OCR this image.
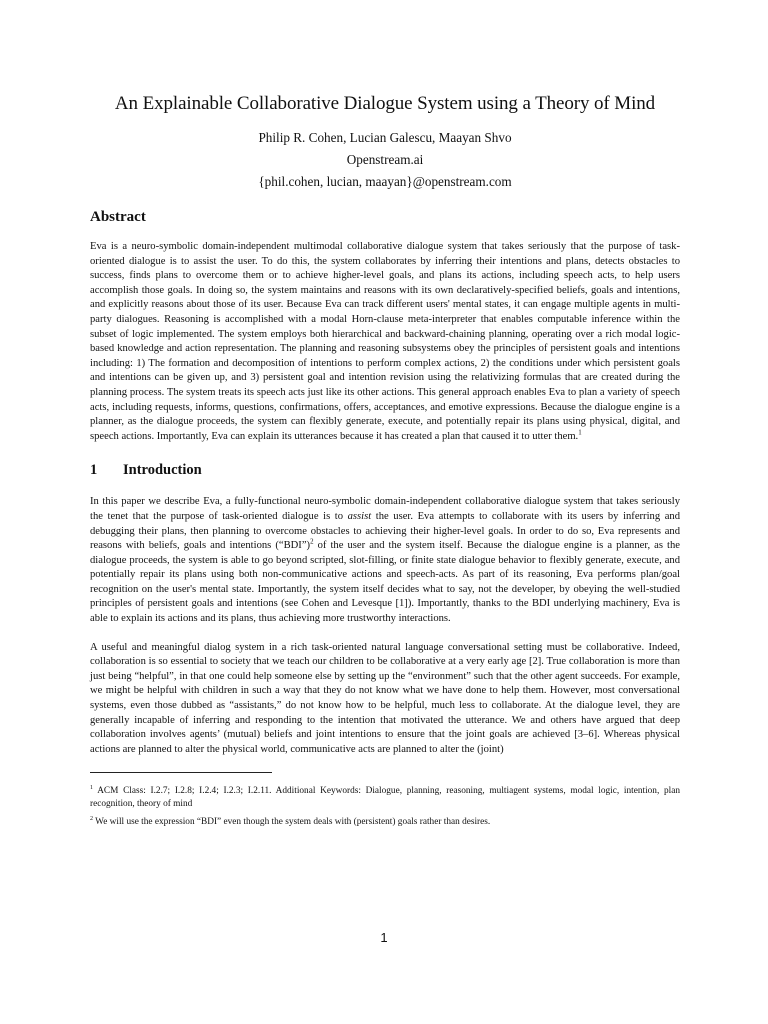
An Explainable Collaborative Dialogue System using a Theory of Mind

Philip R. Cohen, Lucian Galescu, Maayan Shvo

Openstream.ai

{phil.cohen, lucian, maayan}@openstream.com

Abstract

Eva is a neuro-symbolic domain-independent multimodal collaborative dialogue system that takes seriously that the purpose of task-oriented dialogue is to assist the user. To do this, the system collaborates by inferring their intentions and plans, detects obstacles to success, finds plans to overcome them or to achieve higher-level goals, and plans its actions, including speech acts, to help users accomplish those goals. In doing so, the system maintains and reasons with its own declaratively-specified beliefs, goals and intentions, and explicitly reasons about those of its user. Because Eva can track different users' mental states, it can engage multiple agents in multi-party dialogues. Reasoning is accomplished with a modal Horn-clause meta-interpreter that enables computable inference within the subset of logic implemented. The system employs both hierarchical and backward-chaining planning, operating over a rich modal logic-based knowledge and action representation. The planning and reasoning subsystems obey the principles of persistent goals and intentions including: 1) The formation and decomposition of intentions to perform complex actions, 2) the conditions under which persistent goals and intentions can be given up, and 3) persistent goal and intention revision using the relativizing formulas that are created during the planning process. The system treats its speech acts just like its other actions. This general approach enables Eva to plan a variety of speech acts, including requests, informs, questions, confirmations, offers, acceptances, and emotive expressions. Because the dialogue engine is a planner, as the dialogue proceeds, the system can flexibly generate, execute, and potentially repair its plans using physical, digital, and speech actions. Importantly, Eva can explain its utterances because it has created a plan that caused it to utter them.$^1$

1 Introduction

In this paper we describe Eva, a fully-functional neuro-symbolic domain-independent collaborative dialogue system that takes seriously the tenet that the purpose of task-oriented dialogue is to assist the user. Eva attempts to collaborate with its users by inferring and debugging their plans, then planning to overcome obstacles to achieving their higher-level goals. In order to do so, Eva represents and reasons with beliefs, goals and intentions (“BDI”)$^2$ of the user and the system itself. Because the dialogue engine is a planner, as the dialogue proceeds, the system is able to go beyond scripted, slot-filling, or finite state dialogue behavior to flexibly generate, execute, and potentially repair its plans using both non-communicative actions and speech-acts. As part of its reasoning, Eva performs plan/goal recognition on the user's mental state. Importantly, the system itself decides what to say, not the developer, by obeying the well-studied principles of persistent goals and intentions (see Cohen and Levesque [1]). Importantly, thanks to the BDI underlying machinery, Eva is able to explain its actions and its plans, thus achieving more trustworthy interactions.

A useful and meaningful dialog system in a rich task-oriented natural language conversational setting must be collaborative. Indeed, collaboration is so essential to society that we teach our children to be collaborative at a very early age [2]. True collaboration is more than just being “helpful”, in that one could help someone else by setting up the “environment” such that the other agent succeeds. For example, we might be helpful with children in such a way that they do not know what we have done to help them. However, most conversational systems, even those dubbed as “assistants,” do not know how to be helpful, much less to collaborate. At the dialogue level, they are generally incapable of inferring and responding to the intention that motivated the utterance. We and others have argued that deep collaboration involves agents’ (mutual) beliefs and joint intentions to ensure that the joint goals are achieved [3–6]. Whereas physical actions are planned to alter the physical world, communicative acts are planned to alter the (joint)

$^1$ ACM Class: I.2.7; I.2.8; I.2.4; I.2.3; I.2.11. Additional Keywords: Dialogue, planning, reasoning, multiagent systems, modal logic, intention, plan recognition, theory of mind

$^2$ We will use the expression “BDI” even though the system deals with (persistent) goals rather than desires.

1
